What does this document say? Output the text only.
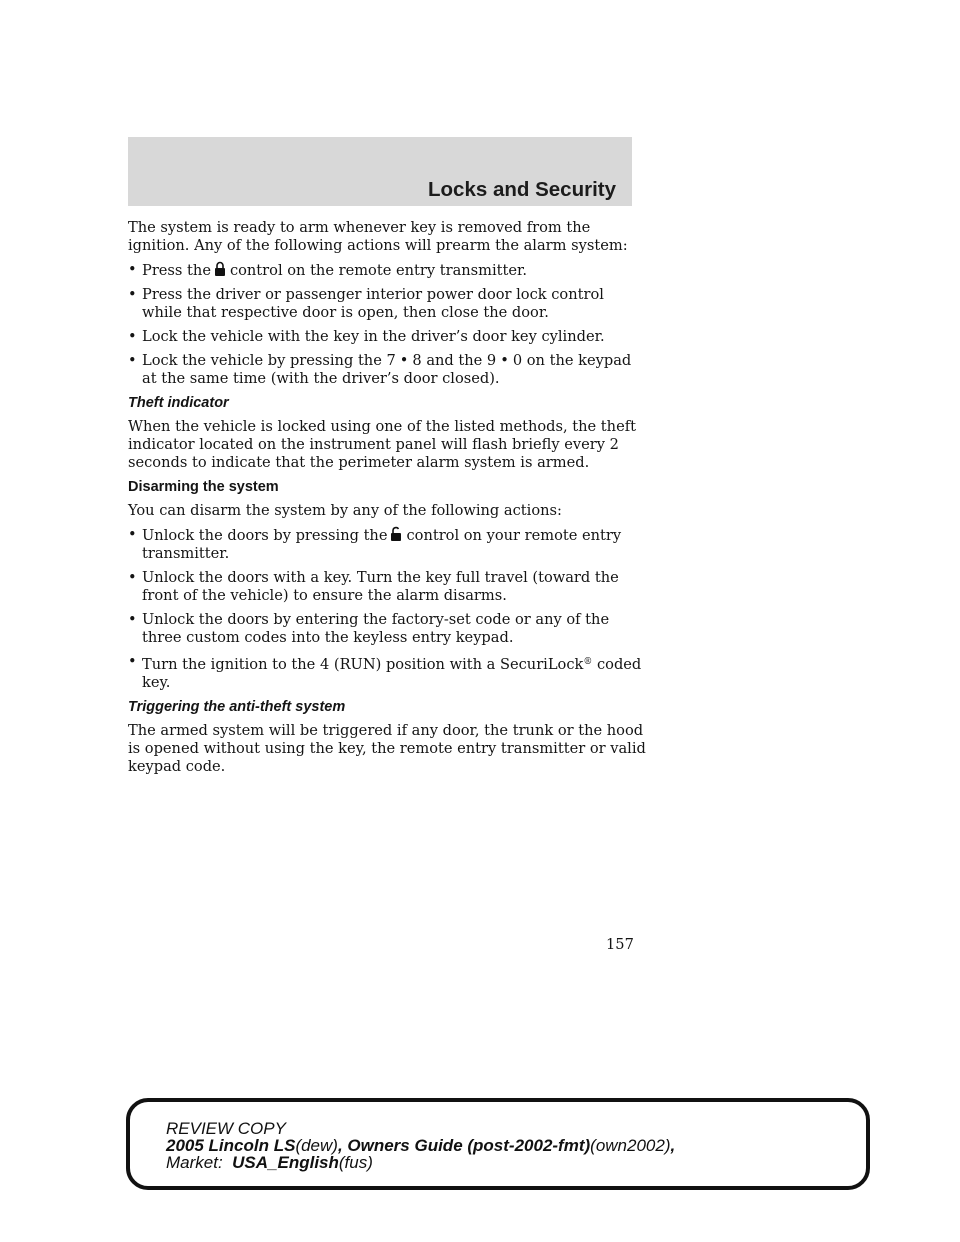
Locks and Security

The system is ready to arm whenever key is removed from the ignition. Any of the following actions will prearm the alarm system:

• Press the control on the remote entry transmitter.
• Press the driver or passenger interior power door lock control while that respective door is open, then close the door.
• Lock the vehicle with the key in the driver’s door key cylinder.
• Lock the vehicle by pressing the 7 • 8 and the 9 • 0 on the keypad at the same time (with the driver’s door closed).
Theft indicator

When the vehicle is locked using one of the listed methods, the theft indicator located on the instrument panel will flash briefly every 2 seconds to indicate that the perimeter alarm system is armed.

Disarming the system

You can disarm the system by any of the following actions:

• Unlock the doors by pressing the control on your remote entry transmitter.
• Unlock the doors with a key. Turn the key full travel (toward the front of the vehicle) to ensure the alarm disarms.
• Unlock the doors by entering the factory-set code or any of the three custom codes into the keyless entry keypad.
• Turn the ignition to the 4 (RUN) position with a SecuriLock® coded key.
Triggering the anti-theft system

The armed system will be triggered if any door, the trunk or the hood is opened without using the key, the remote entry transmitter or valid keypad code.

157
REVIEW COPY
2005 Lincoln LS(dew), Owners Guide (post-2002-fmt)(own2002),
Market: USA_English(fus)
